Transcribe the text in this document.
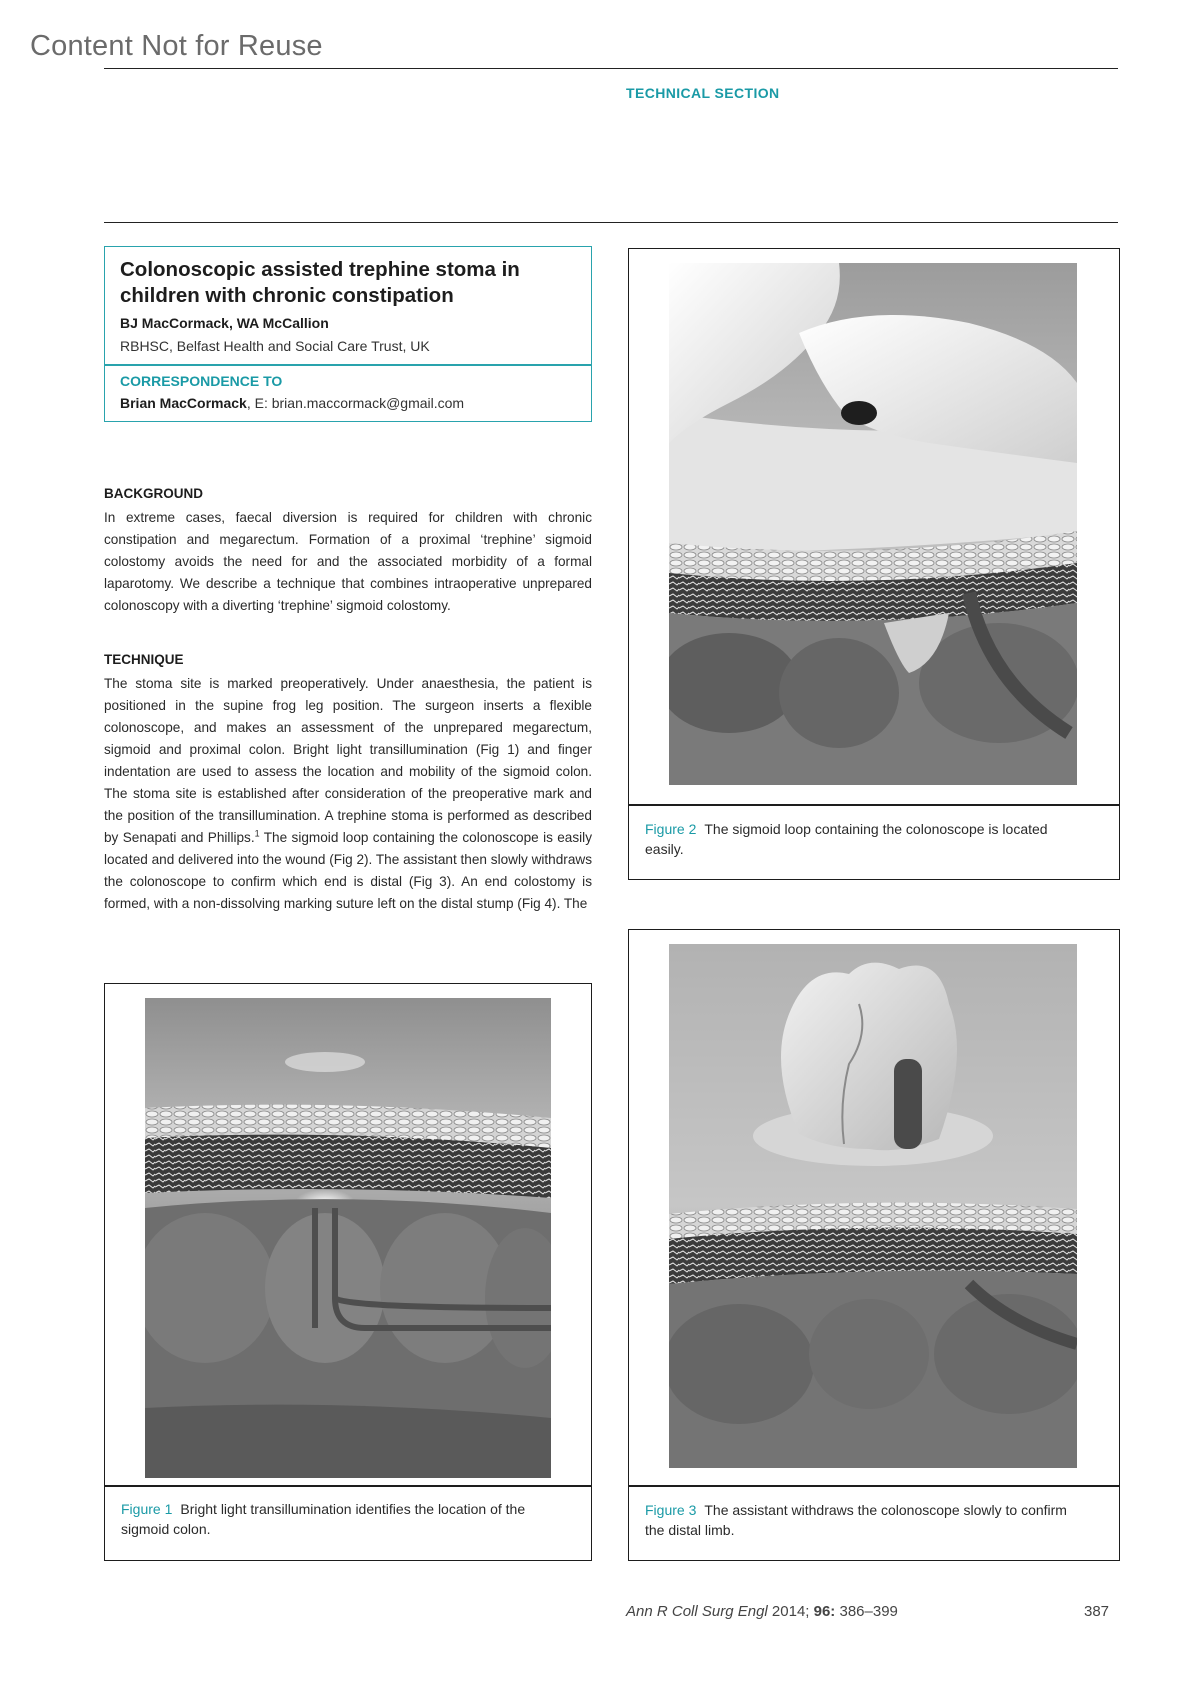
Content Not for Reuse
TECHNICAL SECTION
Colonoscopic assisted trephine stoma in children with chronic constipation
BJ MacCormack, WA McCallion
RBHSC, Belfast Health and Social Care Trust, UK
CORRESPONDENCE TO
Brian MacCormack, E: brian.maccormack@gmail.com
BACKGROUND

In extreme cases, faecal diversion is required for children with chronic constipation and megarectum. Formation of a proximal ‘trephine’ sigmoid colostomy avoids the need for and the associated morbidity of a formal laparotomy. We describe a technique that combines intraoperative unprepared colonoscopy with a diverting ‘trephine’ sigmoid colostomy.

TECHNIQUE

The stoma site is marked preoperatively. Under anaesthesia, the patient is positioned in the supine frog leg position. The surgeon inserts a flexible colonoscope, and makes an assessment of the unprepared megarectum, sigmoid and proximal colon. Bright light transillumination (Fig 1) and finger indentation are used to assess the location and mobility of the sigmoid colon. The stoma site is established after consideration of the preoperative mark and the position of the transillumination. A trephine stoma is performed as described by Senapati and Phillips.$^1$ The sigmoid loop containing the colonoscope is easily located and delivered into the wound (Fig 2). The assistant then slowly withdraws the colonoscope to confirm which end is distal (Fig 3). An end colostomy is formed, with a non-dissolving marking suture left on the distal stump (Fig 4). The

Figure 2 The sigmoid loop containing the colonoscope is located easily.
Figure 1 Bright light transillumination identifies the location of the sigmoid colon.
Figure 3 The assistant withdraws the colonoscope slowly to confirm the distal limb.
Ann R Coll Surg Engl 2014; 96: 386–399	387
